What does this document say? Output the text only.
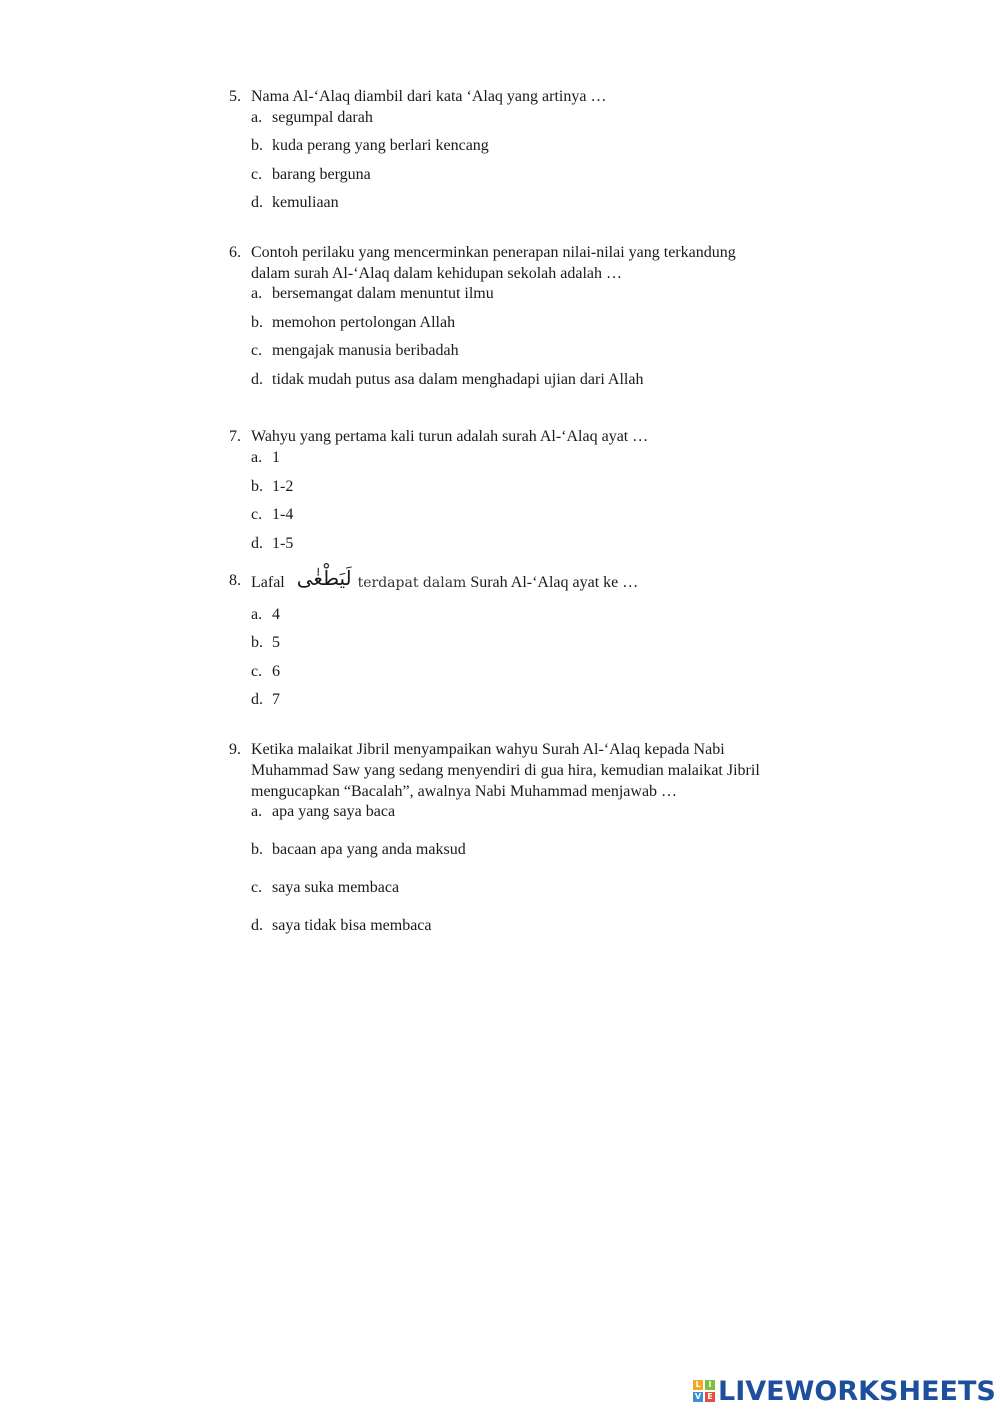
5. Nama Al-‘Alaq diambil dari kata ‘Alaq yang artinya …
a. segumpal darah
b. kuda perang yang berlari kencang
c. barang berguna
d. kemuliaan
6. Contoh perilaku yang mencerminkan penerapan nilai-nilai yang terkandung dalam surah Al-‘Alaq dalam kehidupan sekolah adalah …
a. bersemangat dalam menuntut ilmu
b. memohon pertolongan Allah
c. mengajak manusia beribadah
d. tidak mudah putus asa dalam menghadapi ujian dari Allah
7. Wahyu yang pertama kali turun adalah surah Al-‘Alaq ayat …
a. 1
b. 1-2
c. 1-4
d. 1-5
8. Lafal لَيَطْغٰى terdapat dalam Surah Al-‘Alaq ayat ke …
a. 4
b. 5
c. 6
d. 7
9. Ketika malaikat Jibril menyampaikan wahyu Surah Al-‘Alaq kepada Nabi Muhammad Saw yang sedang menyendiri di gua hira, kemudian malaikat Jibril mengucapkan “Bacalah”, awalnya Nabi Muhammad menjawab …
a. apa yang saya baca
b. bacaan apa yang anda maksud
c. saya suka membaca
d. saya tidak bisa membaca
L I
V E LIVEWORKSHEETS
